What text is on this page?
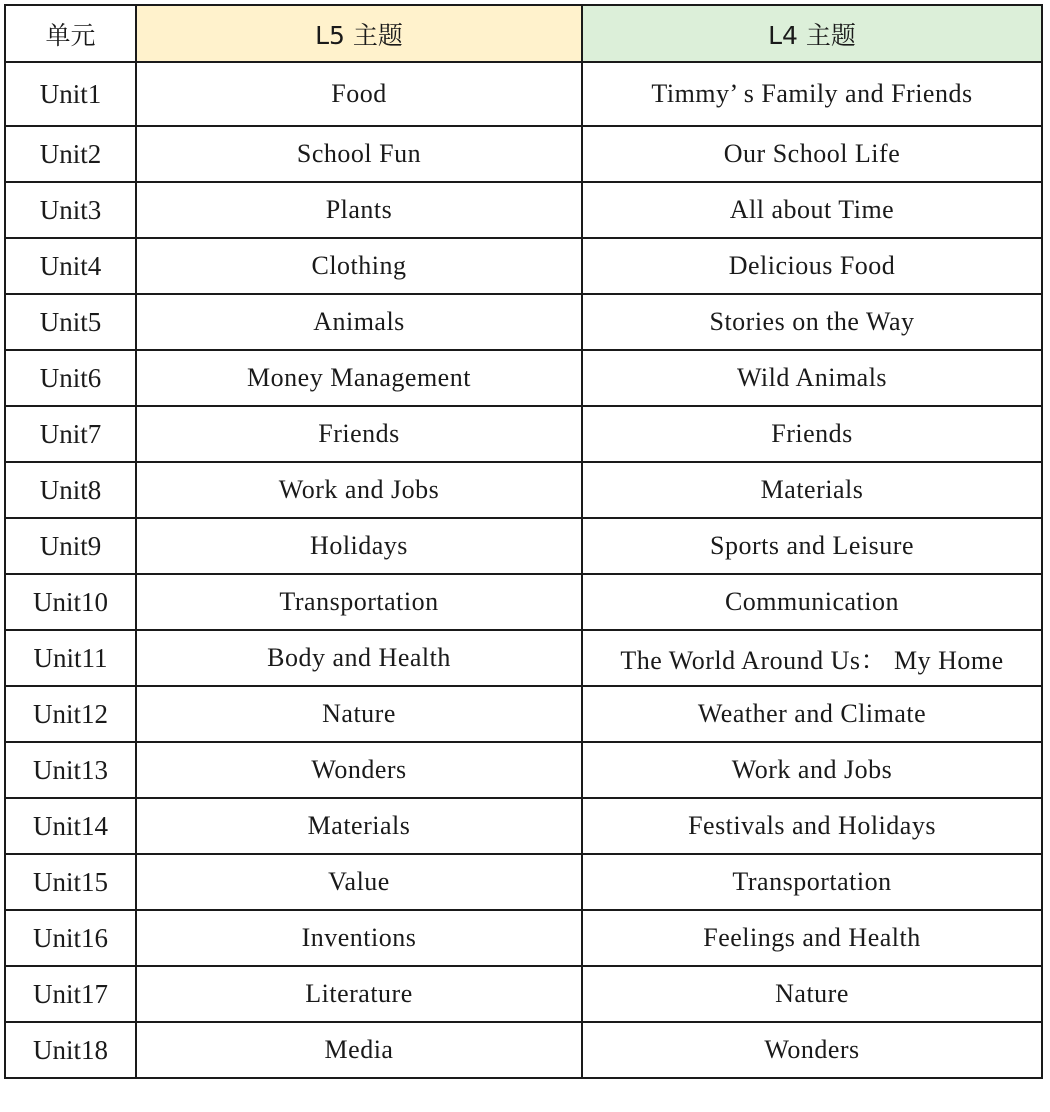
单元	L5 主题	L4 主题
Unit1	Food	Timmy’ s Family and Friends
Unit2	School Fun	Our School Life
Unit3	Plants	All about Time
Unit4	Clothing	Delicious Food
Unit5	Animals	Stories on the Way
Unit6	Money Management	Wild Animals
Unit7	Friends	Friends
Unit8	Work and Jobs	Materials
Unit9	Holidays	Sports and Leisure
Unit10	Transportation	Communication
Unit11	Body and Health	The World Around Us： My Home
Unit12	Nature	Weather and Climate
Unit13	Wonders	Work and Jobs
Unit14	Materials	Festivals and Holidays
Unit15	Value	Transportation
Unit16	Inventions	Feelings and Health
Unit17	Literature	Nature
Unit18	Media	Wonders
